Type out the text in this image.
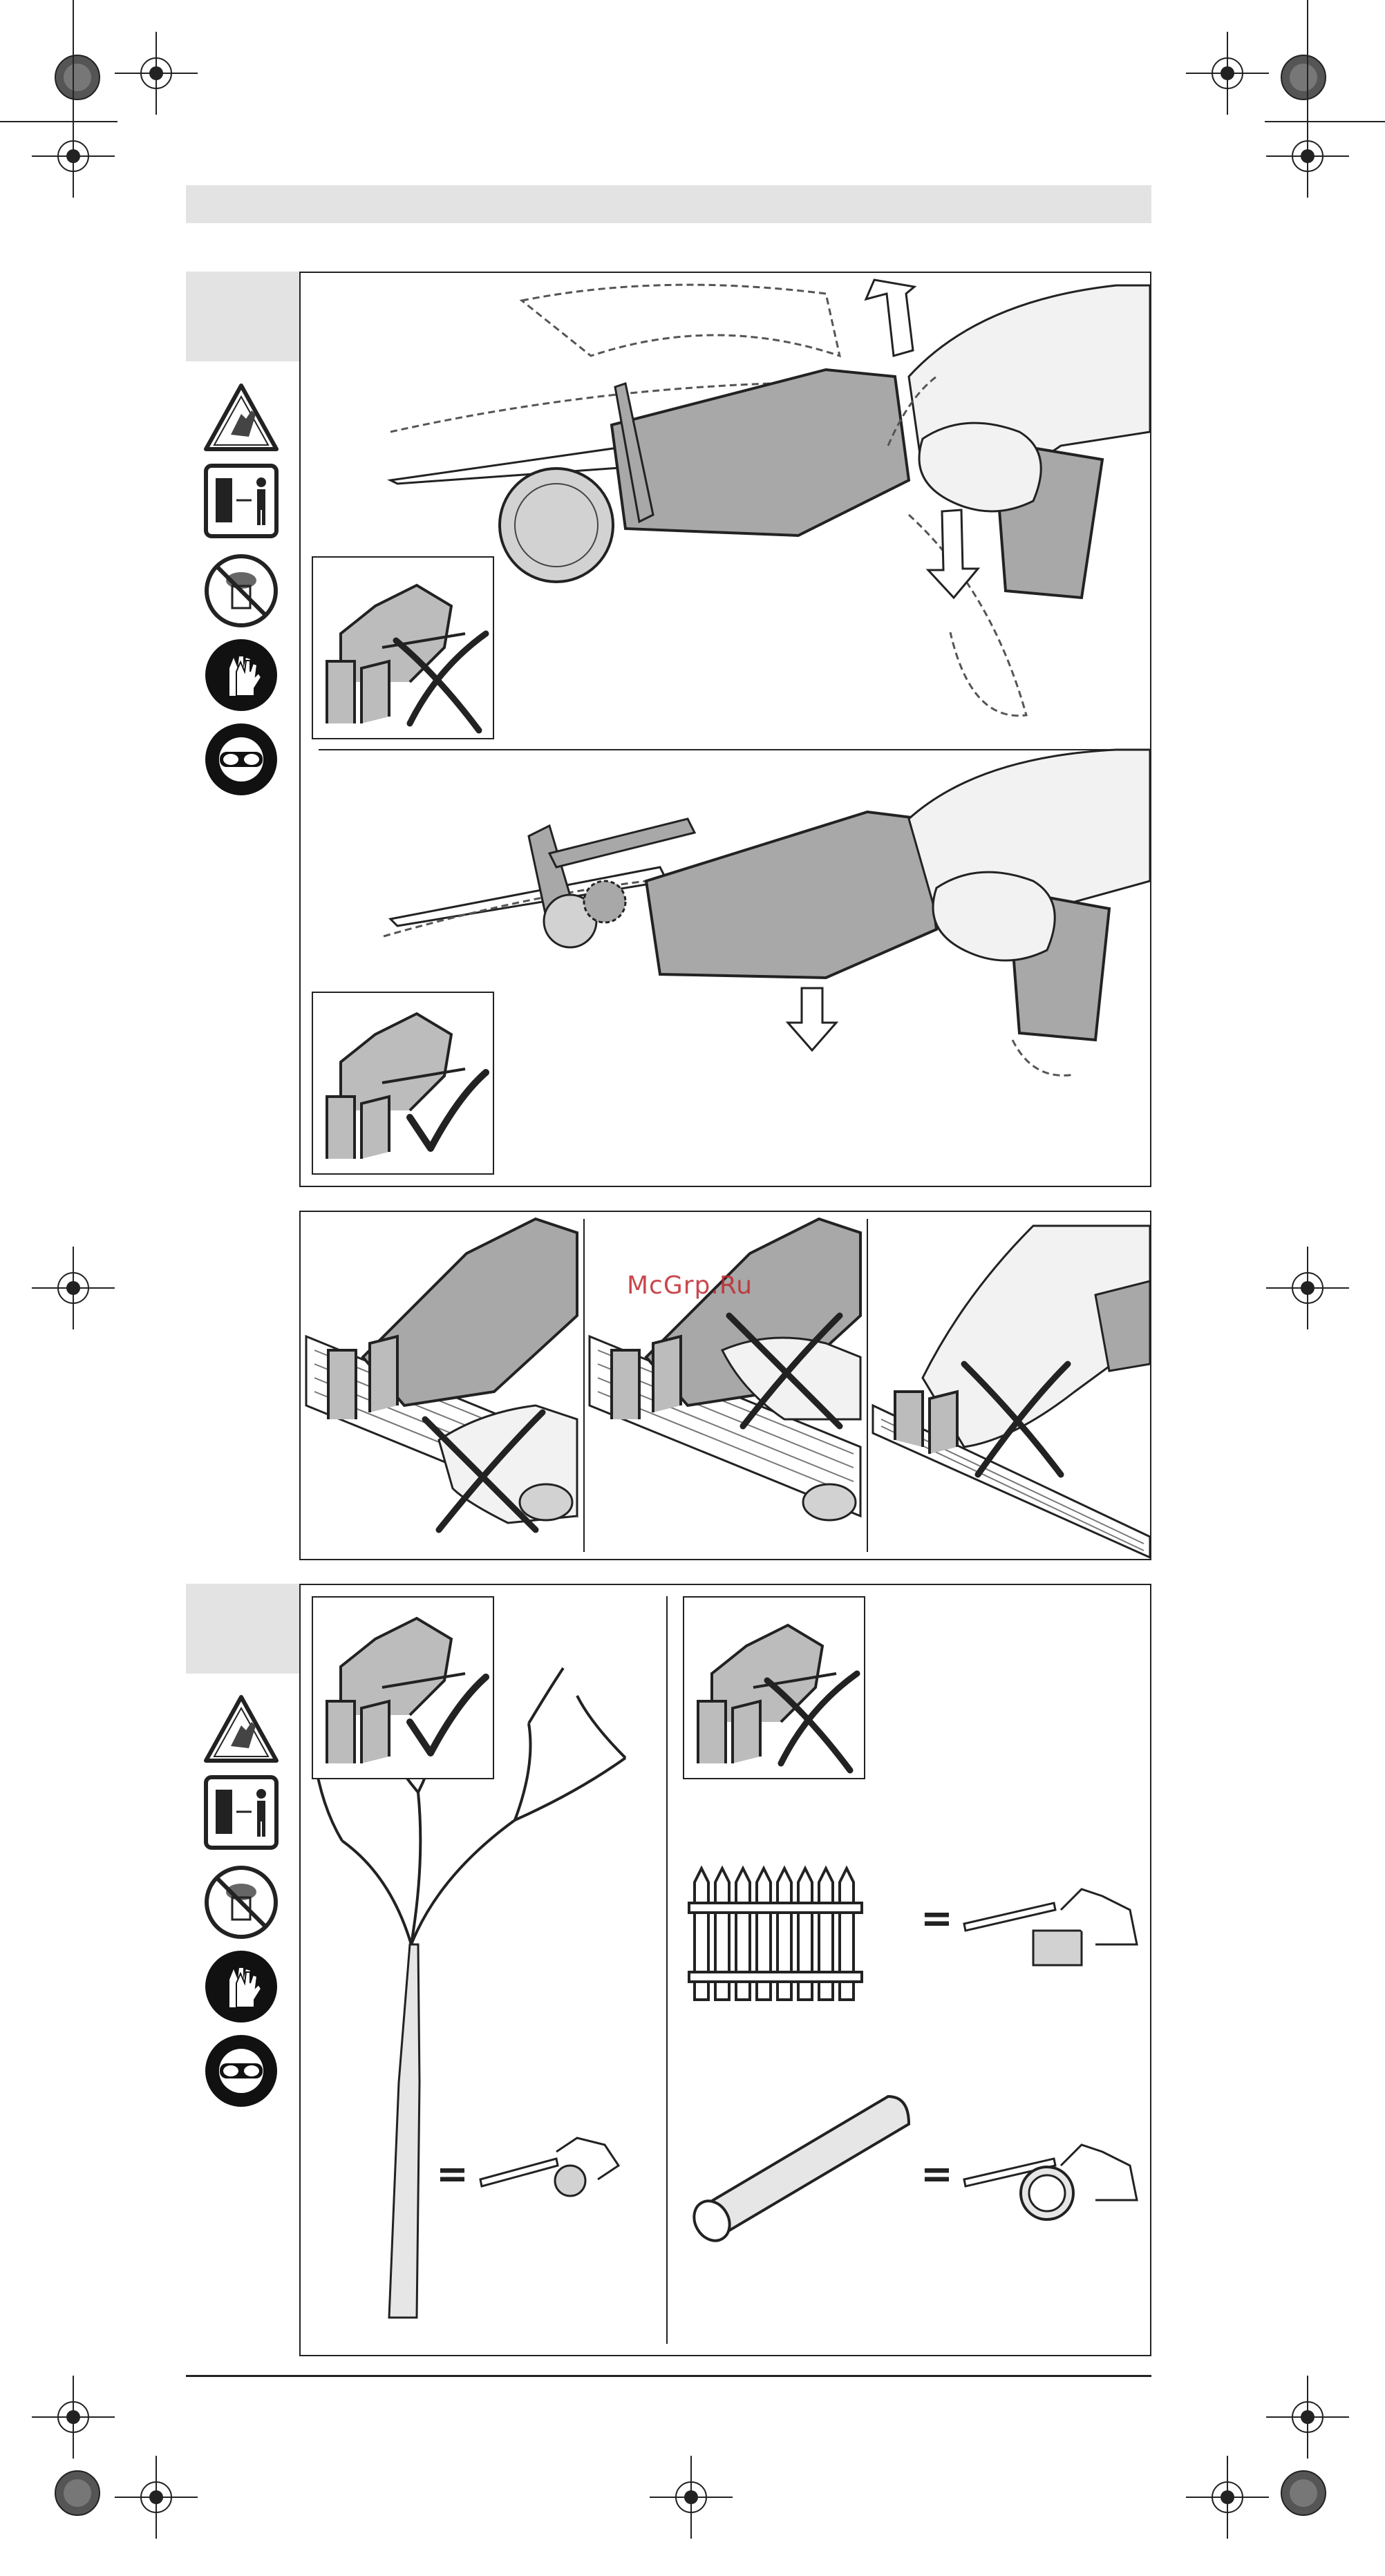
McGrp.Ru
=
=
=
